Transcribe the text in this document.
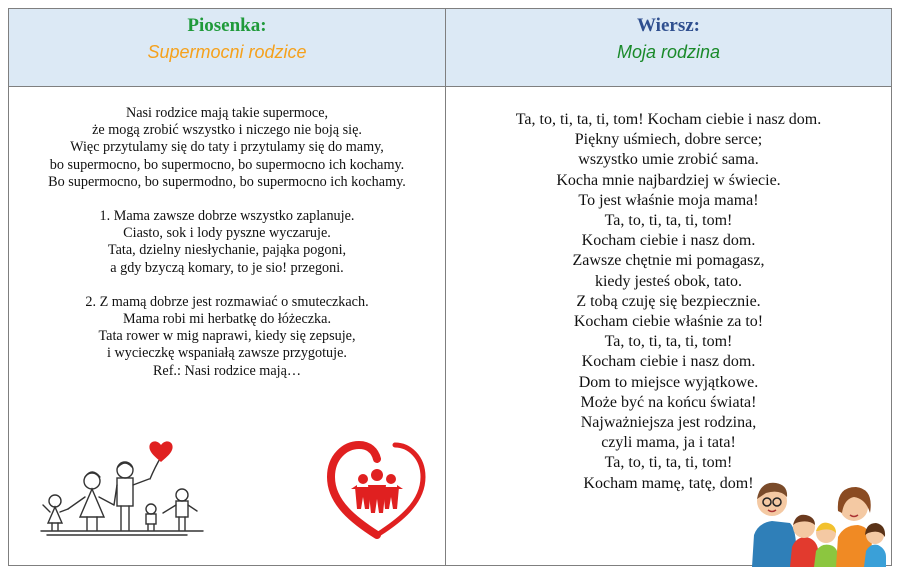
Piosenka:
Supermocni rodzice
Wiersz:
Moja rodzina
Nasi rodzice mają takie supermoce,
że mogą zrobić wszystko i niczego nie boją się.
Więc przytulamy się do taty i przytulamy się do mamy,
bo supermocno, bo supermocno, bo supermocno ich kochamy.
Bo supermocno, bo supermodno, bo supermocno ich kochamy.
1. Mama zawsze dobrze wszystko zaplanuje.
Ciasto, sok i lody pyszne wyczaruje.
Tata, dzielny niesłychanie, pająka pogoni,
a gdy bzyczą komary, to je sio! przegoni.
2. Z mamą dobrze jest rozmawiać o smuteczkach.
Mama robi mi herbatkę do łóżeczka.
Tata rower w mig naprawi, kiedy się zepsuje,
i wycieczkę wspaniałą zawsze przygotuje.
Ref.: Nasi rodzice mają…
Ta, to, ti, ta, ti, tom! Kocham ciebie i nasz dom.
Piękny uśmiech, dobre serce;
wszystko umie zrobić sama.
Kocha mnie najbardziej w świecie.
To jest właśnie moja mama!
Ta, to, ti, ta, ti, tom!
Kocham ciebie i nasz dom.
Zawsze chętnie mi pomagasz,
kiedy jesteś obok, tato.
Z tobą czuję się bezpiecznie.
Kocham ciebie właśnie za to!
Ta, to, ti, ta, ti, tom!
Kocham ciebie i nasz dom.
Dom to miejsce wyjątkowe.
Może być na końcu świata!
Najważniejsza jest rodzina,
czyli mama, ja i tata!
Ta, to, ti, ta, ti, tom!
Kocham mamę, tatę, dom!
